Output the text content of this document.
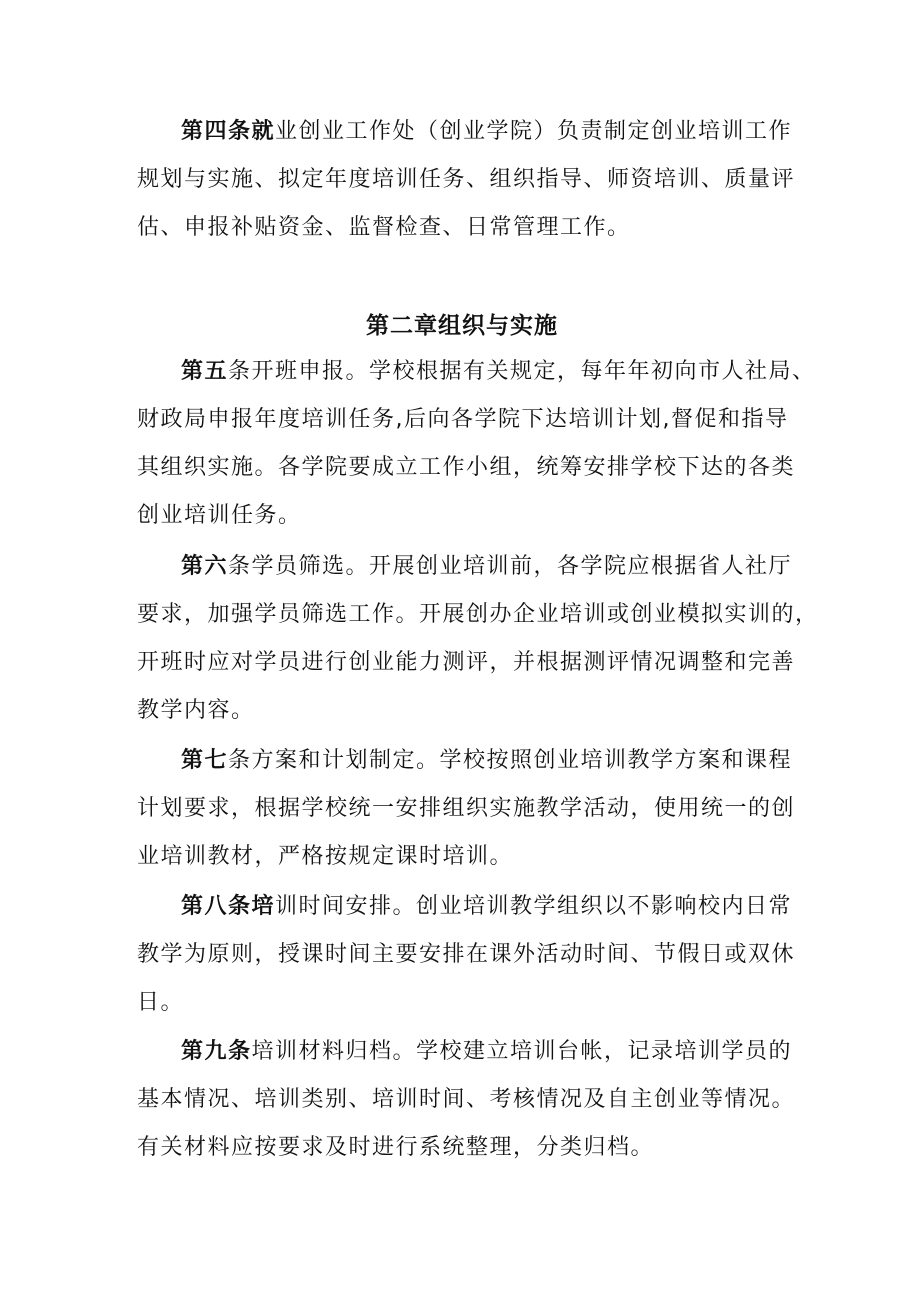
第四条就业创业工作处（创业学院）负责制定创业培训工作
规划与实施、拟定年度培训任务、组织指导、师资培训、质量评
估、申报补贴资金、监督检查、日常管理工作。
第二章组织与实施
第五条开班申报。学校根据有关规定，每年年初向市人社局、
财政局申报年度培训任务,后向各学院下达培训计划,督促和指导
其组织实施。各学院要成立工作小组，统筹安排学校下达的各类
创业培训任务。
第六条学员筛选。开展创业培训前，各学院应根据省人社厅
要求，加强学员筛选工作。开展创办企业培训或创业模拟实训的，
开班时应对学员进行创业能力测评，并根据测评情况调整和完善
教学内容。
第七条方案和计划制定。学校按照创业培训教学方案和课程
计划要求，根据学校统一安排组织实施教学活动，使用统一的创
业培训教材，严格按规定课时培训。
第八条培训时间安排。创业培训教学组织以不影响校内日常
教学为原则，授课时间主要安排在课外活动时间、节假日或双休
日。
第九条培训材料归档。学校建立培训台帐，记录培训学员的
基本情况、培训类别、培训时间、考核情况及自主创业等情况。
有关材料应按要求及时进行系统整理，分类归档。
